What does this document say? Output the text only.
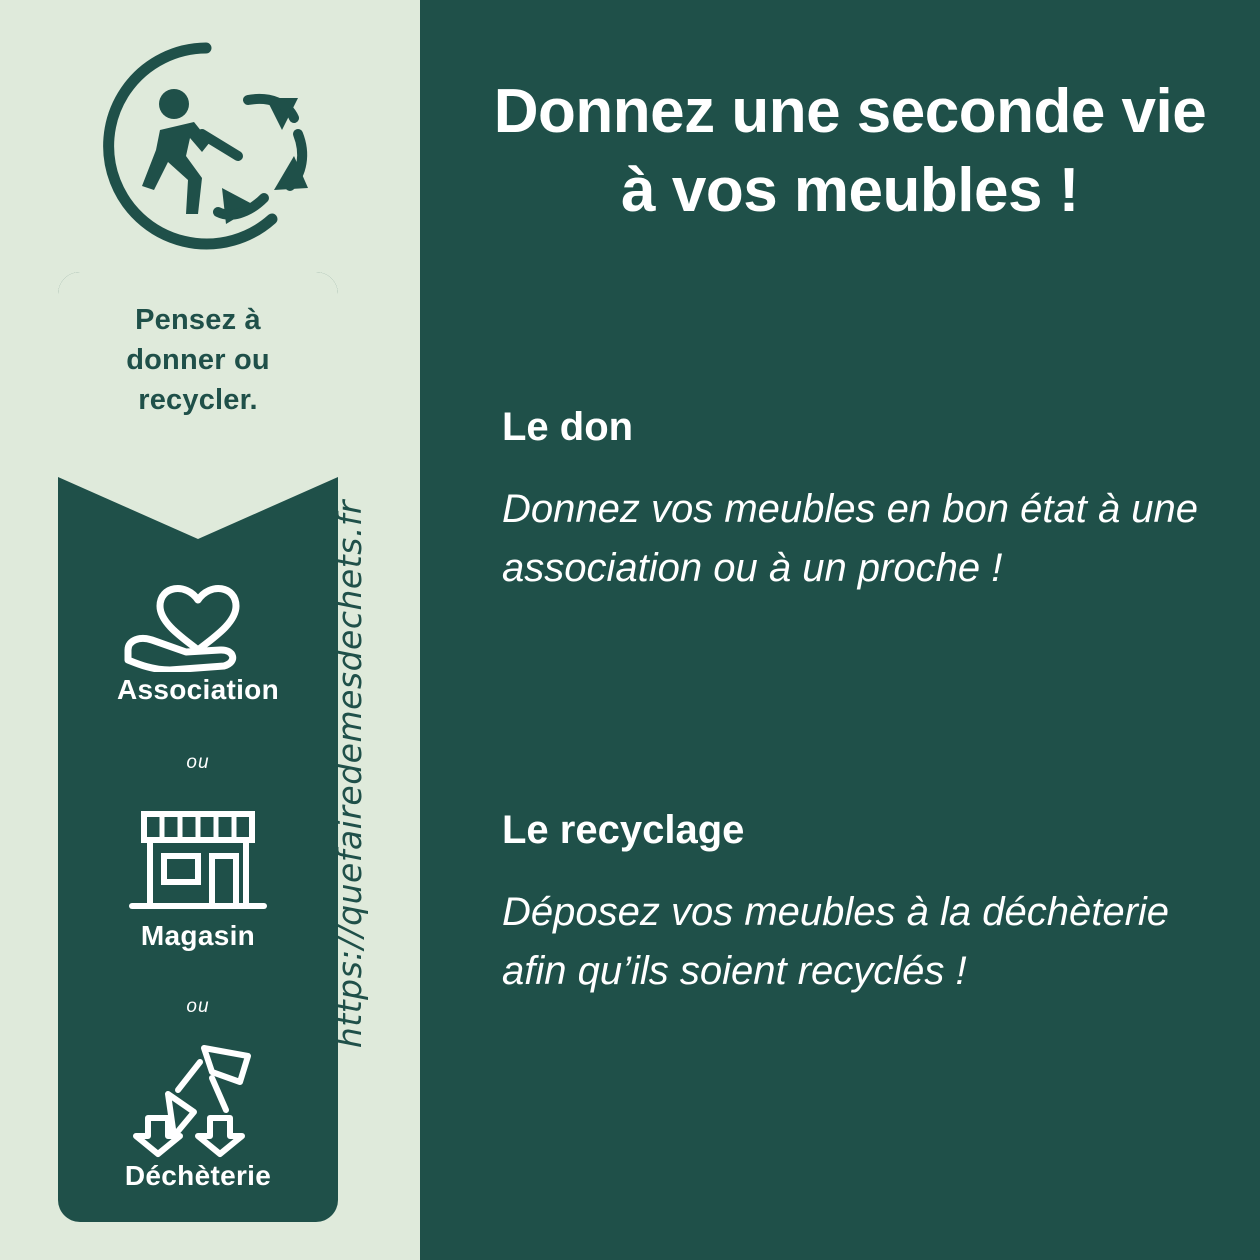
Pensez à
donner ou
recycler.
Association
ou
Magasin
ou
Déchèterie
https://quefairedemesdechets.fr
Donnez une seconde vie
à vos meubles !
Le don
Donnez vos meubles en bon état à une association ou à un proche !
Le recyclage
Déposez vos meubles à la déchèterie afin qu’ils soient recyclés !
